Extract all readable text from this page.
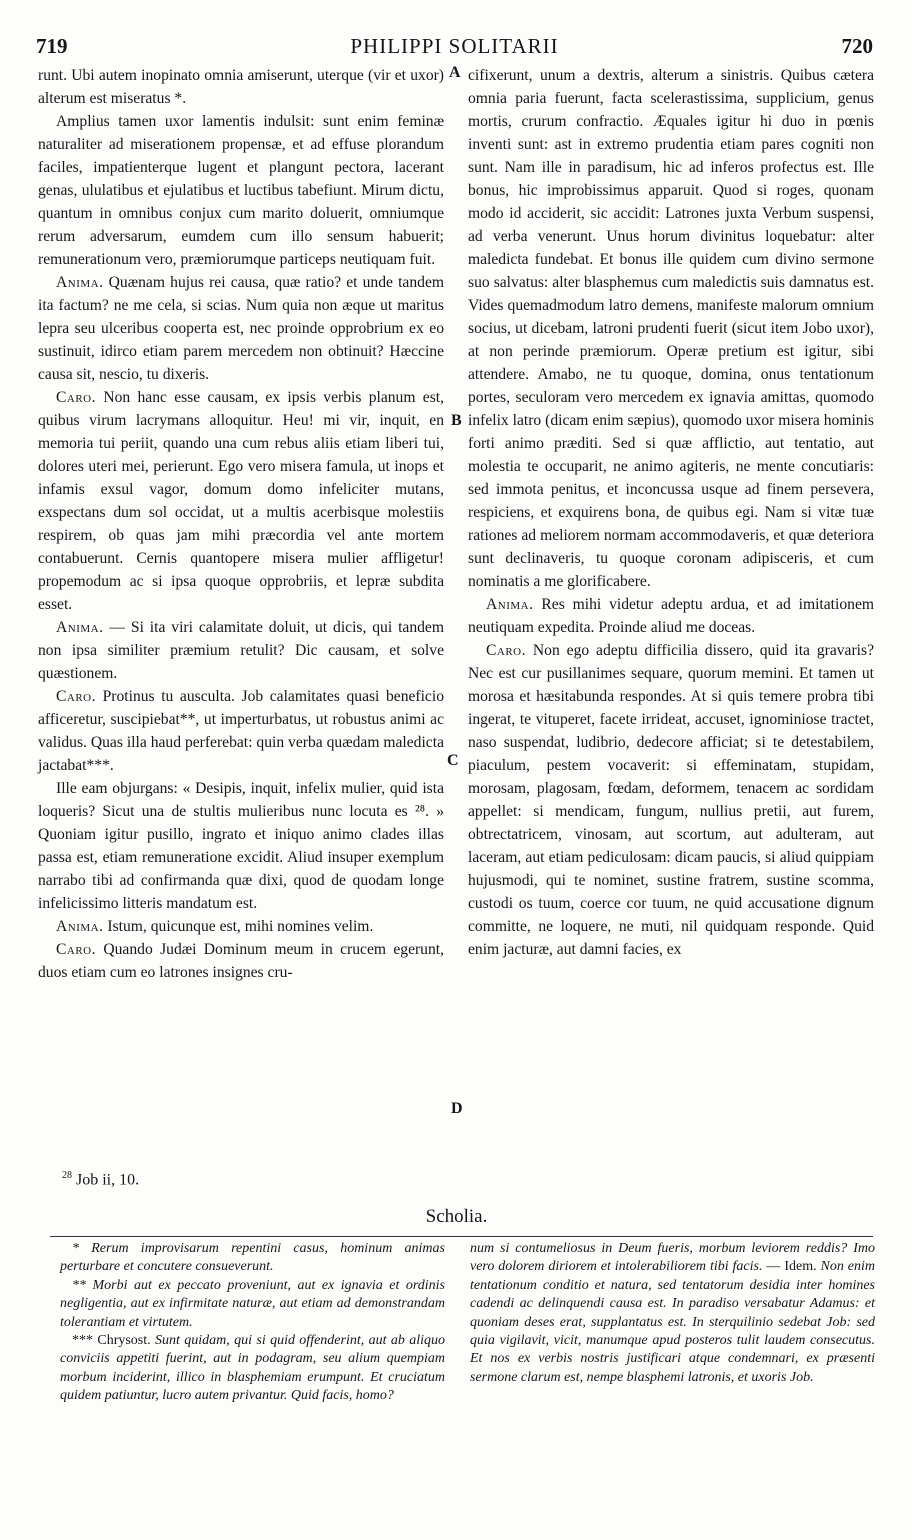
719	PHILIPPI SOLITARII	720
A
B
C
D

runt. Ubi autem inopinato omnia amiserunt, uterque (vir et uxor) alterum est miseratus *.

Amplius tamen uxor lamentis indulsit: sunt enim feminæ naturaliter ad miserationem propensæ, et ad effuse plorandum faciles, impatienterque lugent et plangunt pectora, lacerant genas, ululatibus et ejulatibus et luctibus tabefiunt. Mirum dictu, quantum in omnibus conjux cum marito doluerit, omniumque rerum adversarum, eumdem cum illo sensum habuerit; remunerationum vero, præmiorumque particeps neutiquam fuit.

Anima. Quænam hujus rei causa, quæ ratio? et unde tandem ita factum? ne me cela, si scias. Num quia non æque ut maritus lepra seu ulceribus cooperta est, nec proinde opprobrium ex eo sustinuit, idirco etiam parem mercedem non obtinuit? Hæccine causa sit, nescio, tu dixeris.

Caro. Non hanc esse causam, ex ipsis verbis planum est, quibus virum lacrymans alloquitur. Heu! mi vir, inquit, en memoria tui periit, quando una cum rebus aliis etiam liberi tui, dolores uteri mei, perierunt. Ego vero misera famula, ut inops et infamis exsul vagor, domum domo infeliciter mutans, exspectans dum sol occidat, ut a multis acerbisque molestiis respirem, ob quas jam mihi præcordia vel ante mortem contabuerunt. Cernis quantopere misera mulier affligetur! propemodum ac si ipsa quoque opprobriis, et lepræ subdita esset.

Anima. — Si ita viri calamitate doluit, ut dicis, qui tandem non ipsa similiter præmium retulit? Dic causam, et solve quæstionem.

Caro. Protinus tu ausculta. Job calamitates quasi beneficio afficeretur, suscipiebat**, ut imperturbatus, ut robustus animi ac validus. Quas illa haud perferebat: quin verba quædam maledicta jactabat***.

Ille eam objurgans: « Desipis, inquit, infelix mulier, quid ista loqueris? Sicut una de stultis mulieribus nunc locuta es ²⁸. » Quoniam igitur pusillo, ingrato et iniquo animo clades illas passa est, etiam remuneratione excidit. Aliud insuper exemplum narrabo tibi ad confirmanda quæ dixi, quod de quodam longe infelicissimo litteris mandatum est.

Anima. Istum, quicunque est, mihi nomines velim.

Caro. Quando Judæi Dominum meum in crucem egerunt, duos etiam cum eo latrones insignes cru-

cifixerunt, unum a dextris, alterum a sinistris. Quibus cætera omnia paria fuerunt, facta scelerastissima, supplicium, genus mortis, crurum confractio. Æquales igitur hi duo in pœnis inventi sunt: ast in extremo prudentia etiam pares cogniti non sunt. Nam ille in paradisum, hic ad inferos profectus est. Ille bonus, hic improbissimus apparuit. Quod si roges, quonam modo id acciderit, sic accidit: Latrones juxta Verbum suspensi, ad verba venerunt. Unus horum divinitus loquebatur: alter maledicta fundebat. Et bonus ille quidem cum divino sermone suo salvatus: alter blasphemus cum maledictis suis damnatus est. Vides quemadmodum latro demens, manifeste malorum omnium socius, ut dicebam, latroni prudenti fuerit (sicut item Jobo uxor), at non perinde præmiorum. Operæ pretium est igitur, sibi attendere. Amabo, ne tu quoque, domina, onus tentationum portes, seculoram vero mercedem ex ignavia amittas, quomodo infelix latro (dicam enim sæpius), quomodo uxor misera hominis forti animo præditi. Sed si quæ afflictio, aut tentatio, aut molestia te occuparit, ne animo agiteris, ne mente concutiaris: sed immota penitus, et inconcussa usque ad finem persevera, respiciens, et exquirens bona, de quibus egi. Nam si vitæ tuæ rationes ad meliorem normam accommodaveris, et quæ deteriora sunt declinaveris, tu quoque coronam adipisceris, et cum nominatis a me glorificabere.

Anima. Res mihi videtur adeptu ardua, et ad imitationem neutiquam expedita. Proinde aliud me doceas.

Caro. Non ego adeptu difficilia dissero, quid ita gravaris? Nec est cur pusillanimes sequare, quorum memini. Et tamen ut morosa et hæsitabunda respondes. At si quis temere probra tibi ingerat, te vituperet, facete irrideat, accuset, ignominiose tractet, naso suspendat, ludibrio, dedecore afficiat; si te detestabilem, piaculum, pestem vocaverit: si effeminatam, stupidam, morosam, plagosam, fœdam, deformem, tenacem ac sordidam appellet: si mendicam, fungum, nullius pretii, aut furem, obtrectatricem, vinosam, aut scortum, aut adulteram, aut laceram, aut etiam pediculosam: dicam paucis, si aliud quippiam hujusmodi, qui te nominet, sustine fratrem, sustine scomma, custodi os tuum, coerce cor tuum, ne quid accusatione dignum committe, ne loquere, ne muti, nil quidquam responde. Quid enim jacturæ, aut damni facies, ex

$^{28}$ Job ii, 10.
Scholia.

* Rerum improvisarum repentini casus, hominum animas perturbare et concutere consueverunt.

** Morbi aut ex peccato proveniunt, aut ex ignavia et ordinis negligentia, aut ex infirmitate naturæ, aut etiam ad demonstrandam tolerantiam et virtutem.

*** Chrysost. Sunt quidam, qui si quid offenderint, aut ab aliquo conviciis appetiti fuerint, aut in podagram, seu alium quempiam morbum inciderint, illico in blasphemiam erumpunt. Et cruciatum quidem patiuntur, lucro autem privantur. Quid facis, homo?

num si contumeliosus in Deum fueris, morbum leviorem reddis? Imo vero dolorem diriorem et intolerabiliorem tibi facis. — Idem. Non enim tentationum conditio et natura, sed tentatorum desidia inter homines cadendi ac delinquendi causa est. In paradiso versabatur Adamus: et quoniam deses erat, supplantatus est. In sterquilinio sedebat Job: sed quia vigilavit, vicit, manumque apud posteros tulit laudem consecutus. Et nos ex verbis nostris justificari atque condemnari, ex præsenti sermone clarum est, nempe blasphemi latronis, et uxoris Job.
